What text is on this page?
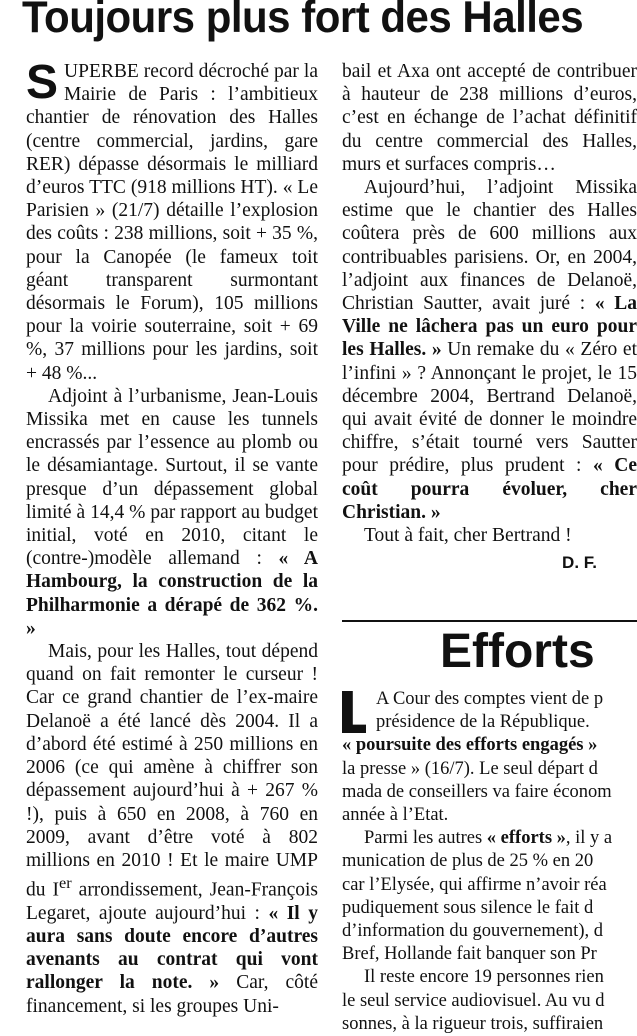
Toujours plus fort des Halles

SUPERBE record décroché par la Mairie de Paris : l’ambitieux chantier de rénovation des Halles (centre commercial, jardins, gare RER) dépasse désormais le milliard d’euros TTC (918 millions HT). « Le Parisien » (21/7) détaille l’explosion des coûts : 238 millions, soit + 35 %, pour la Canopée (le fameux toit géant transparent surmontant désormais le Forum), 105 millions pour la voirie souterraine, soit + 69 %, 37 millions pour les jardins, soit + 48 %...

Adjoint à l’urbanisme, Jean-Louis Missika met en cause les tunnels encrassés par l’essence au plomb ou le désamiantage. Surtout, il se vante presque d’un dépassement global limité à 14,4 % par rapport au budget initial, voté en 2010, citant le (contre-)modèle allemand : « A Hambourg, la construction de la Philharmonie a dérapé de 362 %. »

Mais, pour les Halles, tout dépend quand on fait remonter le curseur ! Car ce grand chantier de l’ex-maire Delanoë a été lancé dès 2004. Il a d’abord été estimé à 250 millions en 2006 (ce qui amène à chiffrer son dépassement aujourd’hui à + 267 % !), puis à 650 en 2008, à 760 en 2009, avant d’être voté à 802 millions en 2010 ! Et le maire UMP du Ier arrondissement, Jean-François Legaret, ajoute aujourd’hui : « Il y aura sans doute encore d’autres avenants au contrat qui vont rallonger la note. » Car, côté financement, si les groupes Uni-

bail et Axa ont accepté de contribuer à hauteur de 238 millions d’euros, c’est en échange de l’achat définitif du centre commercial des Halles, murs et surfaces compris…

Aujourd’hui, l’adjoint Missika estime que le chantier des Halles coûtera près de 600 millions aux contribuables parisiens. Or, en 2004, l’adjoint aux finances de Delanoë, Christian Sautter, avait juré : « La Ville ne lâchera pas un euro pour les Halles. » Un remake du « Zéro et l’infini » ? Annonçant le projet, le 15 décembre 2004, Bertrand Delanoë, qui avait évité de donner le moindre chiffre, s’était tourné vers Sautter pour prédire, plus prudent : « Ce coût pourra évoluer, cher Christian. »

Tout à fait, cher Bertrand !

D. F.
Efforts

A Cour des comptes vient de p

présidence de la République.

« poursuite des efforts engagés »

la presse » (16/7). Le seul départ d

mada de conseillers va faire économ

année à l’Etat.

Parmi les autres « efforts », il y a

munication de plus de 25 % en 20

car l’Elysée, qui affirme n’avoir réa

pudiquement sous silence le fait d

d’information du gouvernement), d

Bref, Hollande fait banquer son Pr

Il reste encore 19 personnes rien

le seul service audiovisuel. Au vu d

sonnes, à la rigueur trois, suffiraien
